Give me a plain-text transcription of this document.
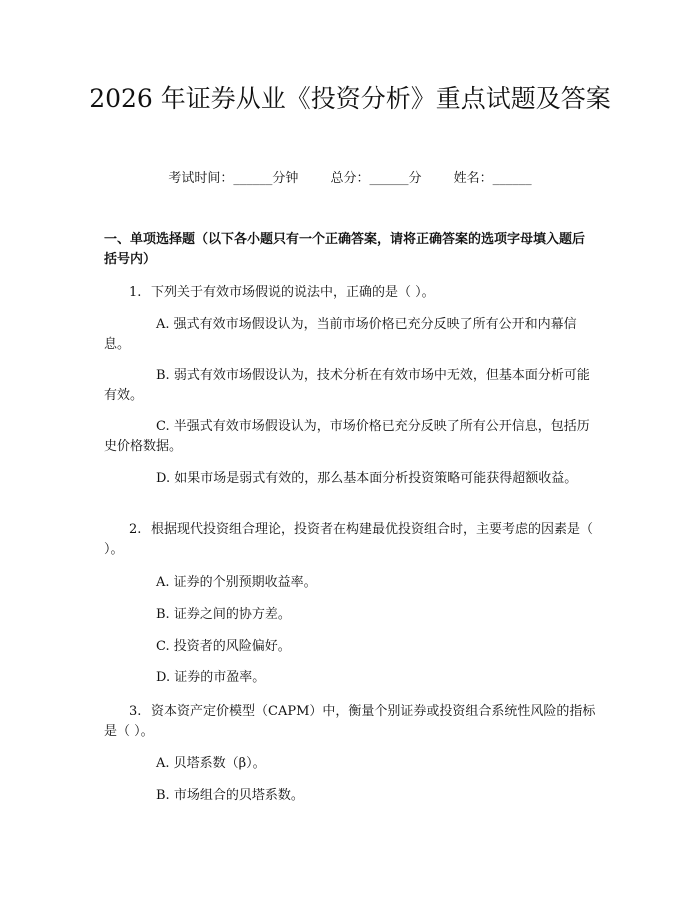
2026 年证券从业《投资分析》重点试题及答案
考试时间：______分钟 总分：______分 姓名：______

一、单项选择题（以下各小题只有一个正确答案，请将正确答案的选项字母填入题后括号内）

1. 下列关于有效市场假说的说法中，正确的是（ ）。

A. 强式有效市场假设认为，当前市场价格已充分反映了所有公开和内幕信息。

B. 弱式有效市场假设认为，技术分析在有效市场中无效，但基本面分析可能有效。

C. 半强式有效市场假设认为，市场价格已充分反映了所有公开信息，包括历史价格数据。

D. 如果市场是弱式有效的，那么基本面分析投资策略可能获得超额收益。

2. 根据现代投资组合理论，投资者在构建最优投资组合时，主要考虑的因素是（ ）。

A. 证券的个别预期收益率。

B. 证券之间的协方差。

C. 投资者的风险偏好。

D. 证券的市盈率。

3. 资本资产定价模型（CAPM）中，衡量个别证券或投资组合系统性风险的指标是（ ）。

A. 贝塔系数（β）。

B. 市场组合的贝塔系数。
